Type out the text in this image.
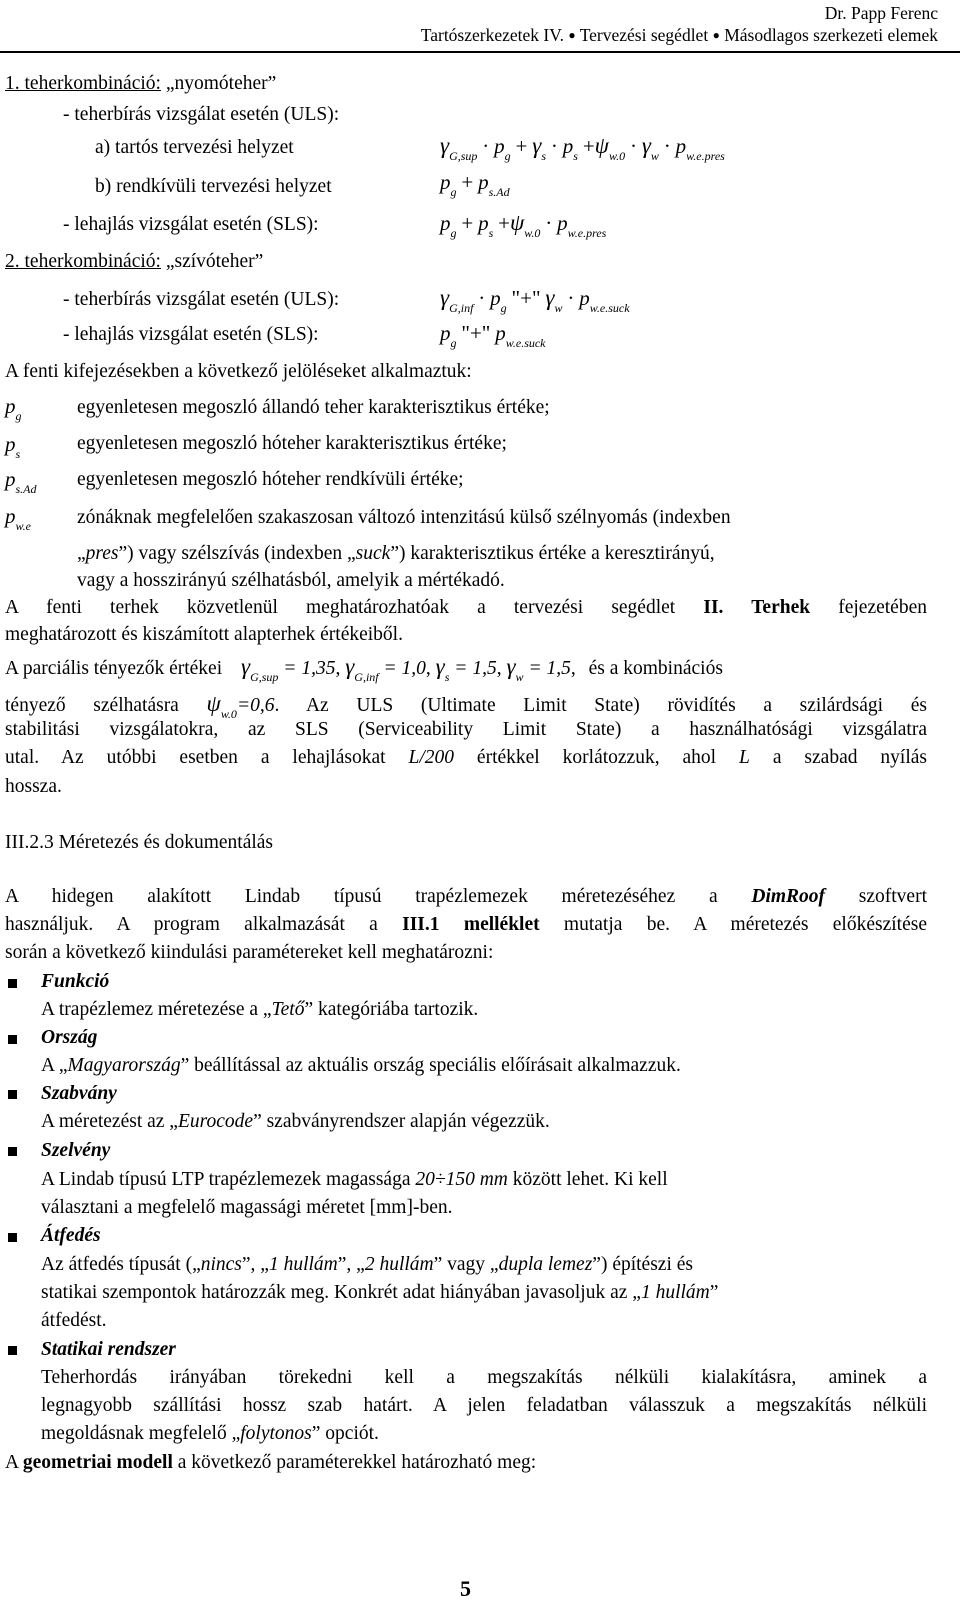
Dr. Papp Ferenc
Tartószerkezetek IV. ● Tervezési segédlet ● Másodlagos szerkezeti elemek
1. teherkombináció: „nyomóteher”
- teherbírás vizsgálat esetén (ULS):
a) tartós tervezési helyzet	$\gamma_{G,sup} \cdot p_g + \gamma_s \cdot p_s +\psi_{w.0} \cdot \gamma_w \cdot p_{w.e.pres}$
b) rendkívüli tervezési helyzet	$p_g + p_{s.Ad}$
- lehajlás vizsgálat esetén (SLS):	$p_g + p_s +\psi_{w.0} \cdot p_{w.e.pres}$
2. teherkombináció: „szívóteher”
- teherbírás vizsgálat esetén (ULS):	$\gamma_{G,inf} \cdot p_g$ "+" $\gamma_w \cdot p_{w.e.suck}$
- lehajlás vizsgálat esetén (SLS):	$p_g$ "+" $p_{w.e.suck}$
A fenti kifejezésekben a következő jelöléseket alkalmaztuk:
$p_g$	egyenletesen megoszló állandó teher karakterisztikus értéke;
$p_s$	egyenletesen megoszló hóteher karakterisztikus értéke;
$p_{s.Ad}$ egyenletesen megoszló hóteher rendkívüli értéke;
$p_{w.e}$ zónáknak megfelelően szakaszosan változó intenzitású külső szélnyomás (indexben
„pres”) vagy szélszívás (indexben „suck”) karakterisztikus értéke a keresztirányú,
vagy a hosszirányú szélhatásból, amelyik a mértékadó.
A fenti terhek közvetlenül meghatározhatóak a tervezési segédlet II. Terhek fejezetében
meghatározott és kiszámított alapterhek értékeiből.
A parciális tényezők értékei $\gamma_{G,sup} = 1,35$, $\gamma_{G,inf} = 1,0$, $\gamma_s = 1,5$, $\gamma_w = 1,5$, és a kombinációs
tényező szélhatásra $\psi_{w.0}=0,6$. Az ULS (Ultimate Limit State) rövidítés a szilárdsági és
stabilitási vizsgálatokra, az SLS (Serviceability Limit State) a használhatósági vizsgálatra
utal. Az utóbbi esetben a lehajlásokat L/200 értékkel korlátozzuk, ahol L a szabad nyílás
hossza.
III.2.3 Méretezés és dokumentálás
A hidegen alakított Lindab típusú trapézlemezek méretezéséhez a DimRoof szoftvert
használjuk. A program alkalmazását a III.1 melléklet mutatja be. A méretezés előkészítése
során a következő kiindulási paramétereket kell meghatározni:
Funkció
A trapézlemez méretezése a „Tető” kategóriába tartozik.
Ország
A „Magyarország” beállítással az aktuális ország speciális előírásait alkalmazzuk.
Szabvány
A méretezést az „Eurocode” szabványrendszer alapján végezzük.
Szelvény
A Lindab típusú LTP trapézlemezek magassága 20÷150 mm között lehet. Ki kell
választani a megfelelő magassági méretet [mm]-ben.
Átfedés
Az átfedés típusát („nincs”, „1 hullám”, „2 hullám” vagy „dupla lemez”) építészi és
statikai szempontok határozzák meg. Konkrét adat hiányában javasoljuk az „1 hullám”
átfedést.
Statikai rendszer
Teherhordás irányában törekedni kell a megszakítás nélküli kialakításra, aminek a
legnagyobb szállítási hossz szab határt. A jelen feladatban válasszuk a megszakítás nélküli
megoldásnak megfelelő „folytonos” opciót.
A geometriai modell a következő paraméterekkel határozható meg:
5
